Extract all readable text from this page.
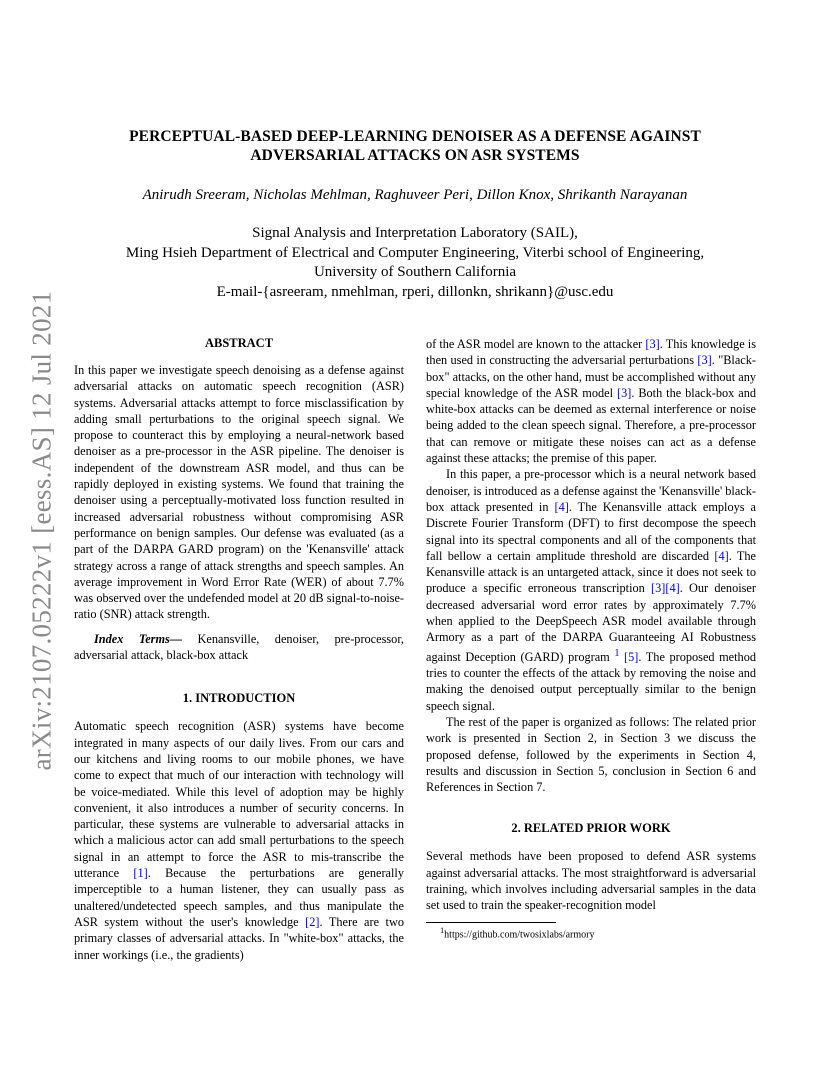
arXiv:2107.05222v1 [eess.AS] 12 Jul 2021
PERCEPTUAL-BASED DEEP-LEARNING DENOISER AS A DEFENSE AGAINST
ADVERSARIAL ATTACKS ON ASR SYSTEMS
Anirudh Sreeram, Nicholas Mehlman, Raghuveer Peri, Dillon Knox, Shrikanth Narayanan
Signal Analysis and Interpretation Laboratory (SAIL),
Ming Hsieh Department of Electrical and Computer Engineering, Viterbi school of Engineering,
University of Southern California
E-mail-{asreeram, nmehlman, rperi, dillonkn, shrikann}@usc.edu
ABSTRACT

In this paper we investigate speech denoising as a defense against adversarial attacks on automatic speech recognition (ASR) systems. Adversarial attacks attempt to force misclassification by adding small perturbations to the original speech signal. We propose to counteract this by employing a neural-network based denoiser as a pre-processor in the ASR pipeline. The denoiser is independent of the downstream ASR model, and thus can be rapidly deployed in existing systems. We found that training the denoiser using a perceptually-motivated loss function resulted in increased adversarial robustness without compromising ASR performance on benign samples. Our defense was evaluated (as a part of the DARPA GARD program) on the 'Kenansville' attack strategy across a range of attack strengths and speech samples. An average improvement in Word Error Rate (WER) of about 7.7% was observed over the undefended model at 20 dB signal-to-noise-ratio (SNR) attack strength.

Index Terms— Kenansville, denoiser, pre-processor, adversarial attack, black-box attack

1. INTRODUCTION

Automatic speech recognition (ASR) systems have become integrated in many aspects of our daily lives. From our cars and our kitchens and living rooms to our mobile phones, we have come to expect that much of our interaction with technology will be voice-mediated. While this level of adoption may be highly convenient, it also introduces a number of security concerns. In particular, these systems are vulnerable to adversarial attacks in which a malicious actor can add small perturbations to the speech signal in an attempt to force the ASR to mis-transcribe the utterance [1]. Because the perturbations are generally imperceptible to a human listener, they can usually pass as unaltered/undetected speech samples, and thus manipulate the ASR system without the user's knowledge [2]. There are two primary classes of adversarial attacks. In "white-box" attacks, the inner workings (i.e., the gradients)

of the ASR model are known to the attacker [3]. This knowledge is then used in constructing the adversarial perturbations [3]. "Black-box" attacks, on the other hand, must be accomplished without any special knowledge of the ASR model [3]. Both the black-box and white-box attacks can be deemed as external interference or noise being added to the clean speech signal. Therefore, a pre-processor that can remove or mitigate these noises can act as a defense against these attacks; the premise of this paper.

In this paper, a pre-processor which is a neural network based denoiser, is introduced as a defense against the 'Kenansville' black-box attack presented in [4]. The Kenansville attack employs a Discrete Fourier Transform (DFT) to first decompose the speech signal into its spectral components and all of the components that fall bellow a certain amplitude threshold are discarded [4]. The Kenansville attack is an untargeted attack, since it does not seek to produce a specific erroneous transcription [3][4]. Our denoiser decreased adversarial word error rates by approximately 7.7% when applied to the DeepSpeech ASR model available through Armory as a part of the DARPA Guaranteeing AI Robustness against Deception (GARD) program $^1$ [5]. The proposed method tries to counter the effects of the attack by removing the noise and making the denoised output perceptually similar to the benign speech signal.

The rest of the paper is organized as follows: The related prior work is presented in Section 2, in Section 3 we discuss the proposed defense, followed by the experiments in Section 4, results and discussion in Section 5, conclusion in Section 6 and References in Section 7.

2. RELATED PRIOR WORK

Several methods have been proposed to defend ASR systems against adversarial attacks. The most straightforward is adversarial training, which involves including adversarial samples in the data set used to train the speaker-recognition model

$^1$https://github.com/twosixlabs/armory
